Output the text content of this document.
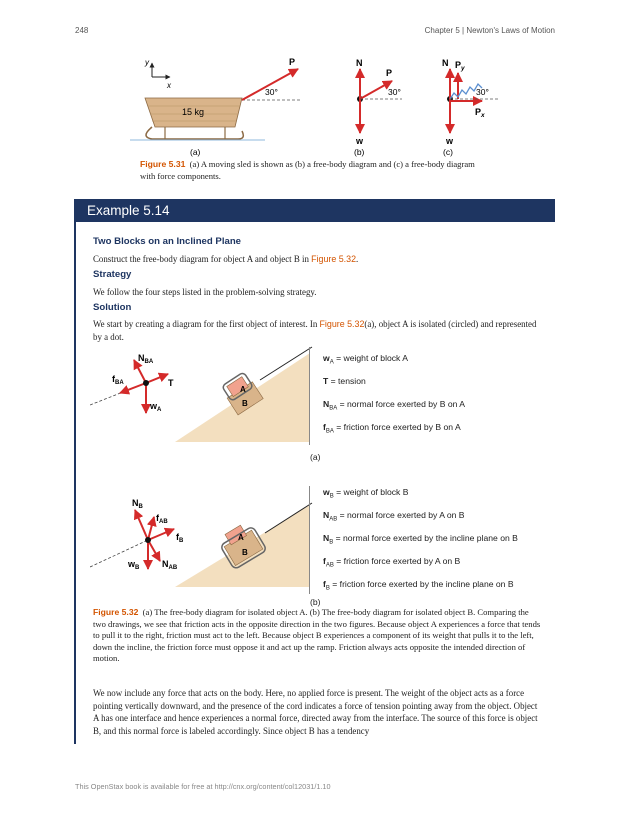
248	Chapter 5 | Newton's Laws of Motion
y
x
15 kg
P
30°
(a)
N
P
30°
w
(b)
N $P_y$
30°
$P_x$
w
(c)
Figure 5.31 (a) A moving sled is shown as (b) a free-body diagram and (c) a free-body diagram with force components.
Example 5.14
Two Blocks on an Inclined Plane
Construct the free-body diagram for object A and object B in Figure 5.32.
Strategy
We follow the four steps listed in the problem-solving strategy.
Solution
We start by creating a diagram for the first object of interest. In Figure 5.32(a), object A is isolated (circled) and represented by a dot.
$N_{BA}$
$f_{BA}$	T
$w_A$
A
B
$w_A$ = weight of block A
T = tension
$N_{BA}$ = normal force exerted by B on A
$f_{BA}$ = friction force exerted by B on A
(a)
$N_B$
$f_{AB}$
$f_B$
$w_B$	$N_{AB}$
A
B
$w_B$ = weight of block B
$N_{AB}$ = normal force exerted by A on B
$N_B$ = normal force exerted by the incline plane on B
$f_{AB}$ = friction force exerted by A on B
$f_B$ = friction force exerted by the incline plane on B
(b)
Figure 5.32 (a) The free-body diagram for isolated object A. (b) The free-body diagram for isolated object B. Comparing the two drawings, we see that friction acts in the opposite direction in the two figures. Because object A experiences a force that tends to pull it to the right, friction must act to the left. Because object B experiences a component of its weight that pulls it to the left, down the incline, the friction force must oppose it and act up the ramp. Friction always acts opposite the intended direction of motion.
We now include any force that acts on the body. Here, no applied force is present. The weight of the object acts as a force pointing vertically downward, and the presence of the cord indicates a force of tension pointing away from the object. Object A has one interface and hence experiences a normal force, directed away from the interface. The source of this force is object B, and this normal force is labeled accordingly. Since object B has a tendency
This OpenStax book is available for free at http://cnx.org/content/col12031/1.10
